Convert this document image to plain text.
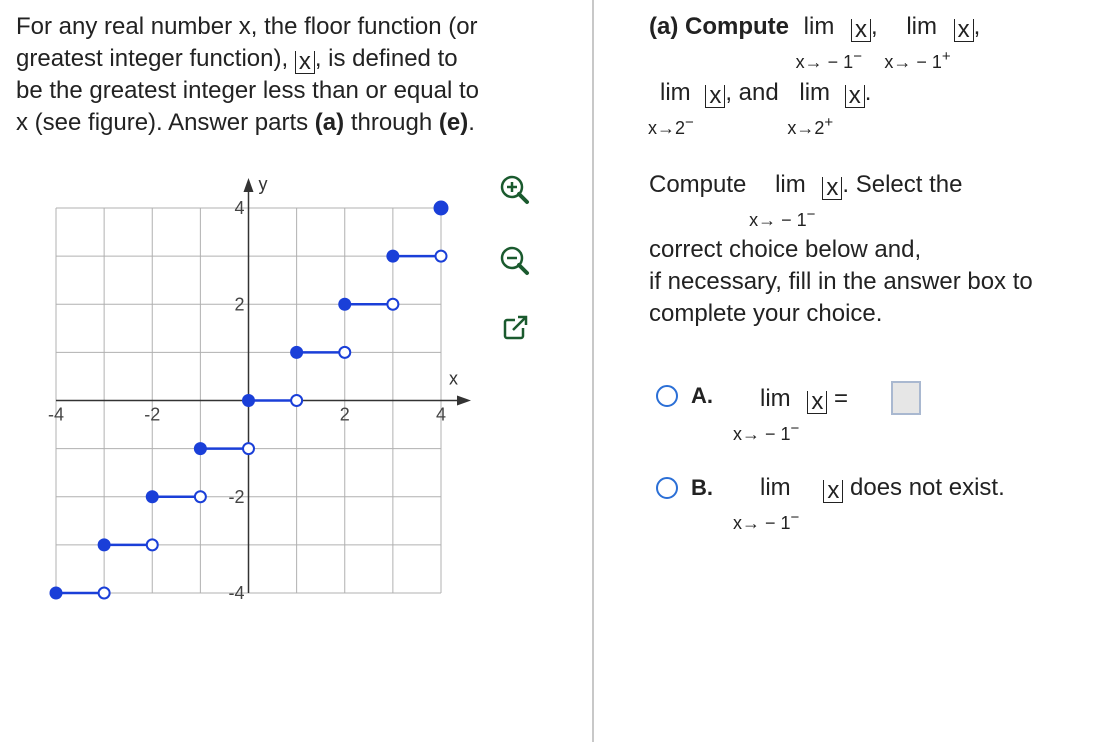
For any real number x, the floor function (or
greatest integer function), x , is defined to
be the greatest integer less than or equal to
x (see figure). Answer parts (a) through (e).
x
y
-4	-2	2	4
4
2
-2
-4
(a) Compute lim
x→ − 1−
x , lim
x→ − 1+
x ,
lim
x→2−
x , and lim
x→2+
x .
Compute lim
x→ − 1−
x . Select the
correct choice below and,
if necessary, fill in the answer box to
complete your choice.
A. lim
x→ − 1−
x =
B. lim
x→ − 1−
x does not exist.
